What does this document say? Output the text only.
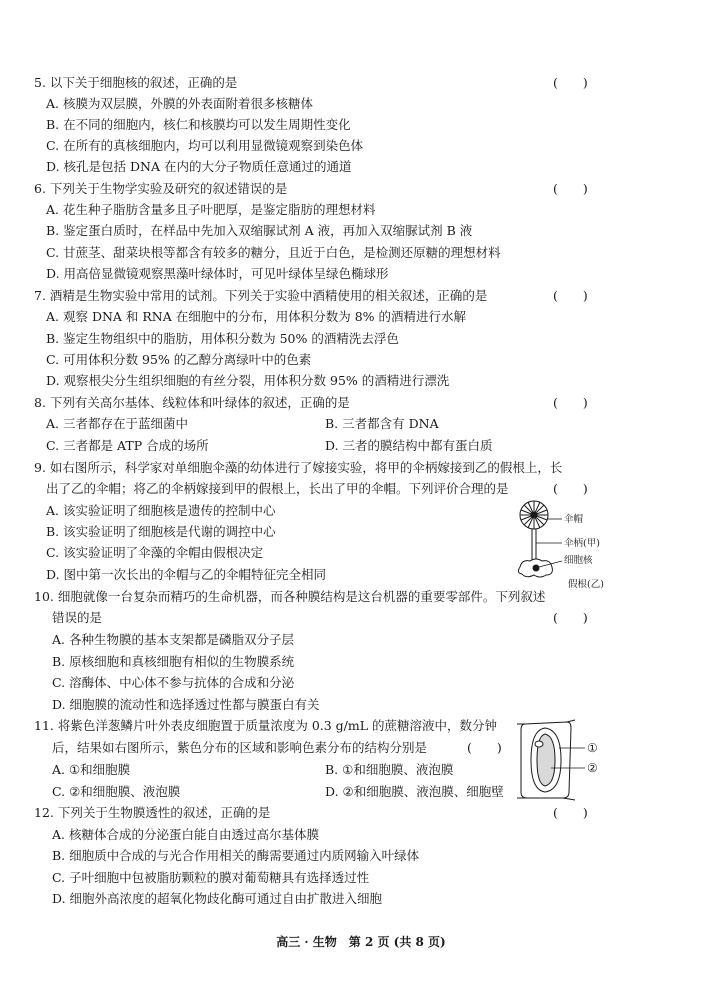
5. 以下关于细胞核的叙述，正确的是	(　　)
A. 核膜为双层膜，外膜的外表面附着很多核糖体
B. 在不同的细胞内，核仁和核膜均可以发生周期性变化
C. 在所有的真核细胞内，均可以利用显微镜观察到染色体
D. 核孔是包括 DNA 在内的大分子物质任意通过的通道
6. 下列关于生物学实验及研究的叙述错误的是	(　　)
A. 花生种子脂肪含量多且子叶肥厚，是鉴定脂肪的理想材料
B. 鉴定蛋白质时，在样品中先加入双缩脲试剂 A 液，再加入双缩脲试剂 B 液
C. 甘蔗茎、甜菜块根等都含有较多的糖分，且近于白色，是检测还原糖的理想材料
D. 用高倍显微镜观察黑藻叶绿体时，可见叶绿体呈绿色椭球形
7. 酒精是生物实验中常用的试剂。下列关于实验中酒精使用的相关叙述，正确的是	(　　)
A. 观察 DNA 和 RNA 在细胞中的分布，用体积分数为 8% 的酒精进行水解
B. 鉴定生物组织中的脂肪，用体积分数为 50% 的酒精洗去浮色
C. 可用体积分数 95% 的乙醇分离绿叶中的色素
D. 观察根尖分生组织细胞的有丝分裂，用体积分数 95% 的酒精进行漂洗
8. 下列有关高尔基体、线粒体和叶绿体的叙述，正确的是	(　　)
A. 三者都存在于蓝细菌中	B. 三者都含有 DNA
C. 三者都是 ATP 合成的场所	D. 三者的膜结构中都有蛋白质
9. 如右图所示，科学家对单细胞伞藻的幼体进行了嫁接实验，将甲的伞柄嫁接到乙的假根上，长
出了乙的伞帽；将乙的伞柄嫁接到甲的假根上，长出了甲的伞帽。下列评价合理的是	(　　)
A. 该实验证明了细胞核是遗传的控制中心
B. 该实验证明了细胞核是代谢的调控中心
C. 该实验证明了伞藻的伞帽由假根决定
D. 图中第一次长出的伞帽与乙的伞帽特征完全相同
伞帽
伞柄(甲)
细胞核
假根(乙)
10. 细胞就像一台复杂而精巧的生命机器，而各种膜结构是这台机器的重要零部件。下列叙述
错误的是	(　　)
A. 各种生物膜的基本支架都是磷脂双分子层
B. 原核细胞和真核细胞有相似的生物膜系统
C. 溶酶体、中心体不参与抗体的合成和分泌
D. 细胞膜的流动性和选择透过性都与膜蛋白有关
11. 将紫色洋葱鳞片叶外表皮细胞置于质量浓度为 0.3 g/mL 的蔗糖溶液中，数分钟
后，结果如右图所示，紫色分布的区域和影响色素分布的结构分别是	(　　)
A. ①和细胞膜	B. ①和细胞膜、液泡膜
C. ②和细胞膜、液泡膜	D. ②和细胞膜、液泡膜、细胞壁
①
②
12. 下列关于生物膜透性的叙述，正确的是	(　　)
A. 核糖体合成的分泌蛋白能自由透过高尔基体膜
B. 细胞质中合成的与光合作用相关的酶需要通过内质网输入叶绿体
C. 子叶细胞中包被脂肪颗粒的膜对葡萄糖具有选择透过性
D. 细胞外高浓度的超氧化物歧化酶可通过自由扩散进入细胞
高三 · 生物　第 2 页 (共 8 页)
